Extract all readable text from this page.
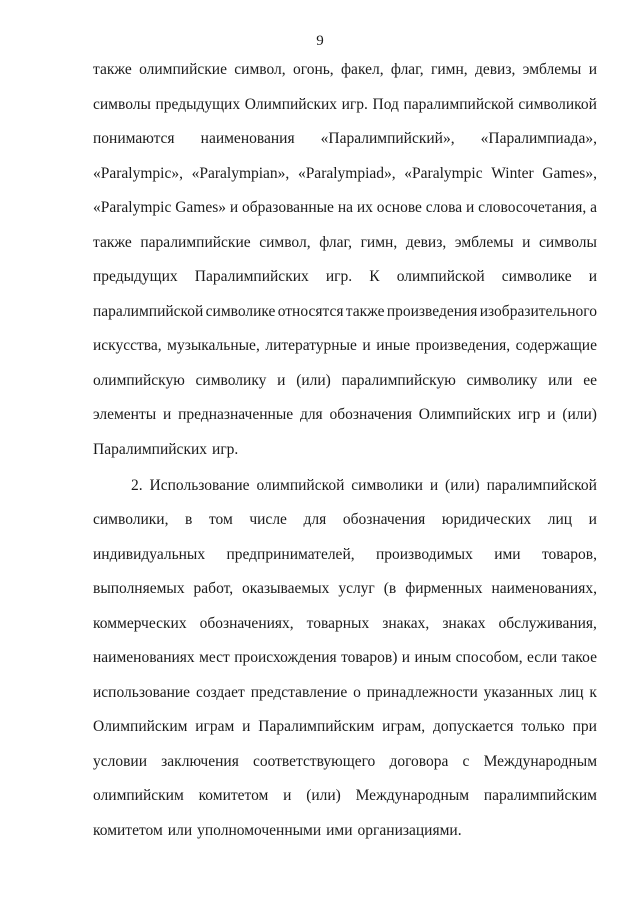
9
также олимпийские символ, огонь, факел, флаг, гимн, девиз, эмблемы и
символы предыдущих Олимпийских игр. Под паралимпийской символикой
понимаются наименования «Паралимпийский», «Паралимпиада»,
«Paralympic», «Paralympian», «Paralympiad», «Paralympic Winter Games»,
«Paralympic Games» и образованные на их основе слова и словосочетания, а
также паралимпийские символ, флаг, гимн, девиз, эмблемы и символы
предыдущих Паралимпийских игр. К олимпийской символике и
паралимпийской символике относятся также произведения изобразительного
искусства, музыкальные, литературные и иные произведения, содержащие
олимпийскую символику и (или) паралимпийскую символику или ее
элементы и предназначенные для обозначения Олимпийских игр и (или)
Паралимпийских игр.
2. Использование олимпийской символики и (или) паралимпийской
символики, в том числе для обозначения юридических лиц и
индивидуальных предпринимателей, производимых ими товаров,
выполняемых работ, оказываемых услуг (в фирменных наименованиях,
коммерческих обозначениях, товарных знаках, знаках обслуживания,
наименованиях мест происхождения товаров) и иным способом, если такое
использование создает представление о принадлежности указанных лиц к
Олимпийским играм и Паралимпийским играм, допускается только при
условии заключения соответствующего договора с Международным
олимпийским комитетом и (или) Международным паралимпийским
комитетом или уполномоченными ими организациями.
